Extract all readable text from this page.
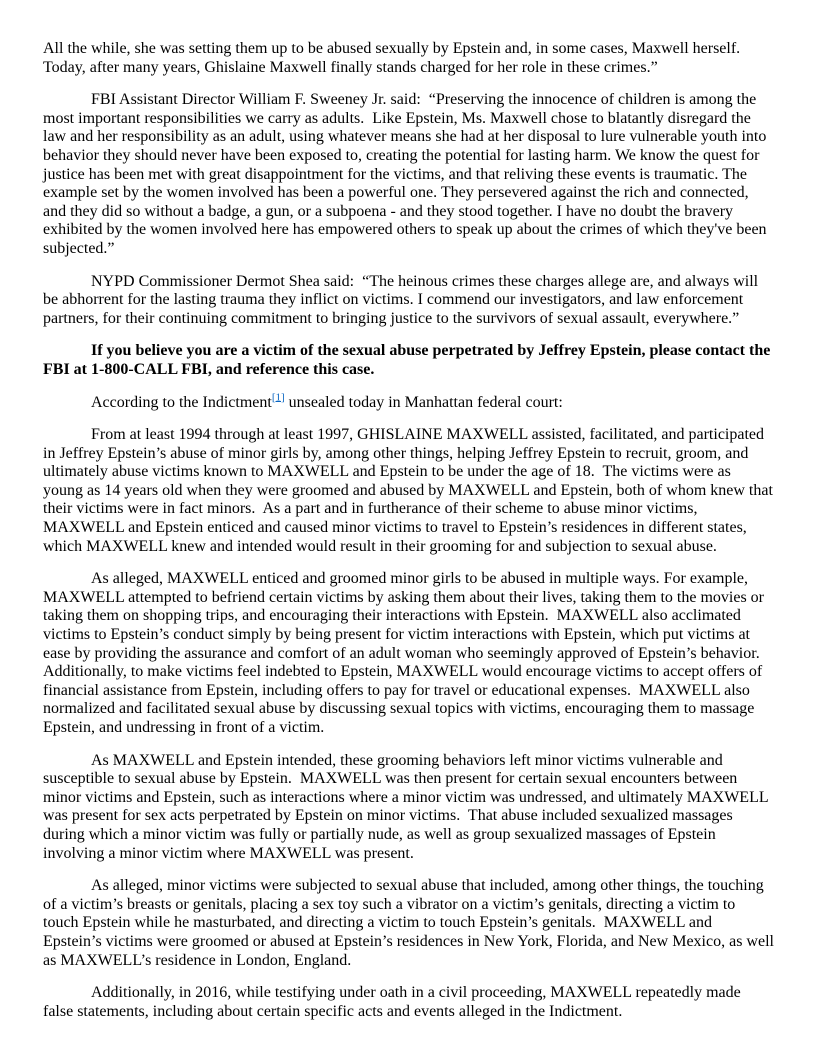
All the while, she was setting them up to be abused sexually by Epstein and, in some cases, Maxwell herself. Today, after many years, Ghislaine Maxwell finally stands charged for her role in these crimes.”

FBI Assistant Director William F. Sweeney Jr. said:  “Preserving the innocence of children is among the most important responsibilities we carry as adults.  Like Epstein, Ms. Maxwell chose to blatantly disregard the law and her responsibility as an adult, using whatever means she had at her disposal to lure vulnerable youth into behavior they should never have been exposed to, creating the potential for lasting harm. We know the quest for justice has been met with great disappointment for the victims, and that reliving these events is traumatic. The example set by the women involved has been a powerful one. They persevered against the rich and connected, and they did so without a badge, a gun, or a subpoena - and they stood together. I have no doubt the bravery exhibited by the women involved here has empowered others to speak up about the crimes of which they've been subjected.”

NYPD Commissioner Dermot Shea said:  “The heinous crimes these charges allege are, and always will be abhorrent for the lasting trauma they inflict on victims. I commend our investigators, and law enforcement partners, for their continuing commitment to bringing justice to the survivors of sexual assault, everywhere.”

If you believe you are a victim of the sexual abuse perpetrated by Jeffrey Epstein, please contact the FBI at 1-800-CALL FBI, and reference this case.

According to the Indictment[1] unsealed today in Manhattan federal court:

From at least 1994 through at least 1997, GHISLAINE MAXWELL assisted, facilitated, and participated in Jeffrey Epstein’s abuse of minor girls by, among other things, helping Jeffrey Epstein to recruit, groom, and ultimately abuse victims known to MAXWELL and Epstein to be under the age of 18.  The victims were as young as 14 years old when they were groomed and abused by MAXWELL and Epstein, both of whom knew that their victims were in fact minors.  As a part and in furtherance of their scheme to abuse minor victims, MAXWELL and Epstein enticed and caused minor victims to travel to Epstein’s residences in different states, which MAXWELL knew and intended would result in their grooming for and subjection to sexual abuse.

As alleged, MAXWELL enticed and groomed minor girls to be abused in multiple ways. For example, MAXWELL attempted to befriend certain victims by asking them about their lives, taking them to the movies or taking them on shopping trips, and encouraging their interactions with Epstein.  MAXWELL also acclimated victims to Epstein’s conduct simply by being present for victim interactions with Epstein, which put victims at ease by providing the assurance and comfort of an adult woman who seemingly approved of Epstein’s behavior. Additionally, to make victims feel indebted to Epstein, MAXWELL would encourage victims to accept offers of financial assistance from Epstein, including offers to pay for travel or educational expenses.  MAXWELL also normalized and facilitated sexual abuse by discussing sexual topics with victims, encouraging them to massage Epstein, and undressing in front of a victim.

As MAXWELL and Epstein intended, these grooming behaviors left minor victims vulnerable and susceptible to sexual abuse by Epstein.  MAXWELL was then present for certain sexual encounters between minor victims and Epstein, such as interactions where a minor victim was undressed, and ultimately MAXWELL was present for sex acts perpetrated by Epstein on minor victims.  That abuse included sexualized massages during which a minor victim was fully or partially nude, as well as group sexualized massages of Epstein involving a minor victim where MAXWELL was present.

As alleged, minor victims were subjected to sexual abuse that included, among other things, the touching of a victim’s breasts or genitals, placing a sex toy such a vibrator on a victim’s genitals, directing a victim to touch Epstein while he masturbated, and directing a victim to touch Epstein’s genitals.  MAXWELL and Epstein’s victims were groomed or abused at Epstein’s residences in New York, Florida, and New Mexico, as well as MAXWELL’s residence in London, England.

Additionally, in 2016, while testifying under oath in a civil proceeding, MAXWELL repeatedly made false statements, including about certain specific acts and events alleged in the Indictment.
